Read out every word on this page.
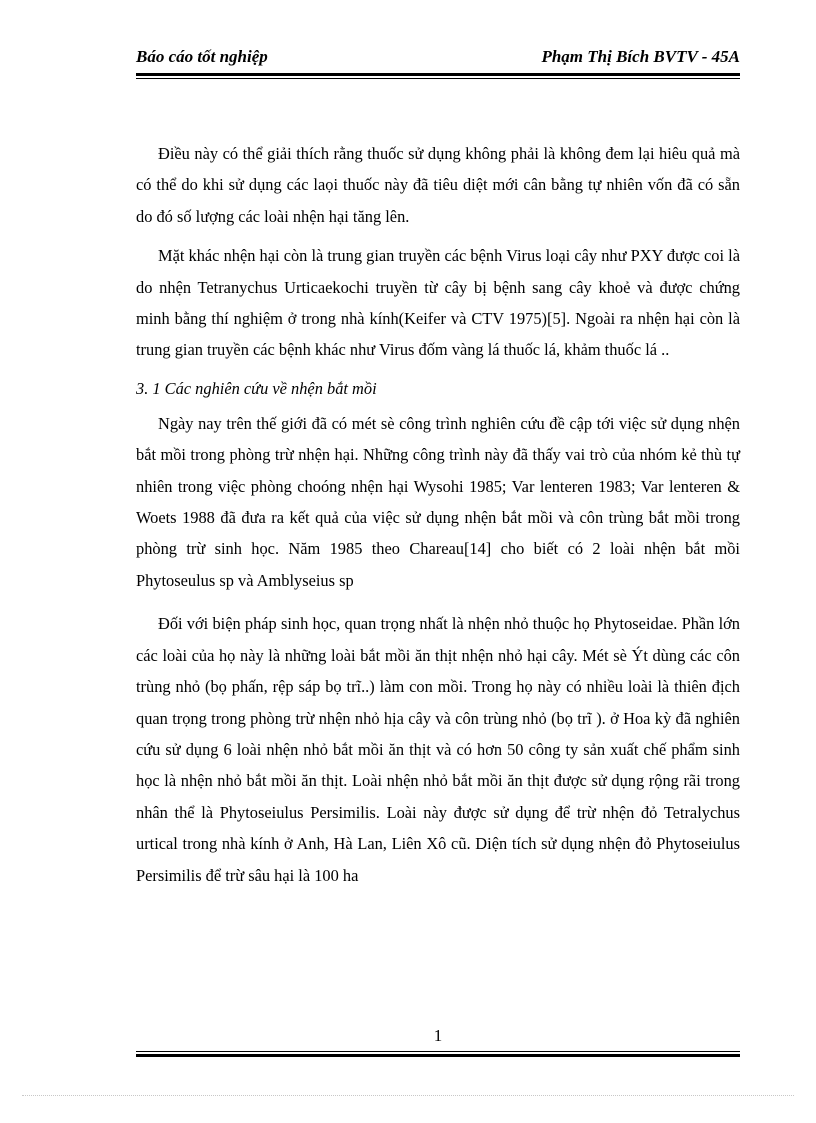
Báo cáo tốt nghiệp	Phạm Thị Bích BVTV - 45A

Điều này có thể giải thích rằng thuốc sử dụng không phải là không đem lại hiêu quả mà có thể do khi sử dụng các laọi thuốc này đã tiêu diệt mới cân bằng tự nhiên vốn đã có sẵn do đó số lượng các loài nhện hại tăng lên.

Mặt khác nhện hại còn là trung gian truyền các bệnh Virus loại cây như PXY được coi là do nhện Tetranychus Urticaekochi truyền từ cây bị bệnh sang cây khoẻ và được chứng minh bằng thí nghiệm ở trong nhà kính(Keifer và CTV 1975)[5]. Ngoài ra nhện hại còn là trung gian truyền các bệnh khác như Virus đốm vàng lá thuốc lá, khảm thuốc lá ..

3. 1 Các nghiên cứu về nhện bắt mồi

Ngày nay trên thế giới đã có mét sè công trình nghiên cứu đề cập tới việc sử dụng nhện bắt mồi trong phòng trừ nhện hại. Những công trình này đã thấy vai trò của nhóm kẻ thù tự nhiên trong việc phòng choóng nhện hại Wysohi 1985; Var lenteren 1983; Var lenteren & Woets 1988 đã đưa ra kết quả của việc sử dụng nhện bắt mồi và côn trùng bắt mồi trong phòng trừ sinh học. Năm 1985 theo Chareau[14] cho biết có 2 loài nhện bắt mồi Phytoseulus sp và Amblyseius sp

Đối với biện pháp sinh học, quan trọng nhất là nhện nhỏ thuộc họ Phytoseidae. Phần lớn các loài của họ này là những loài bắt mồi ăn thịt nhện nhỏ hại cây. Mét sè Ýt dùng các côn trùng nhỏ (bọ phấn, rệp sáp bọ trĩ..) làm con mồi. Trong họ này có nhiều loài là thiên địch quan trọng trong phòng trừ nhện nhỏ hịa cây và côn trùng nhỏ (bọ trĩ ). ở Hoa kỳ đã nghiên cứu sử dụng 6 loài nhện nhỏ bắt mồi ăn thịt và có hơn 50 công ty sản xuất chế phẩm sinh học là nhện nhỏ bắt mồi ăn thịt. Loài nhện nhỏ bắt mồi ăn thịt được sử dụng rộng rãi trong nhân thể là Phytoseiulus Persimilis. Loài này được sử dụng để trừ nhện đỏ Tetralychus urtical trong nhà kính ở Anh, Hà Lan, Liên Xô cũ. Diện tích sử dụng nhện đỏ Phytoseiulus Persimilis để trừ sâu hại là 100 ha

1
